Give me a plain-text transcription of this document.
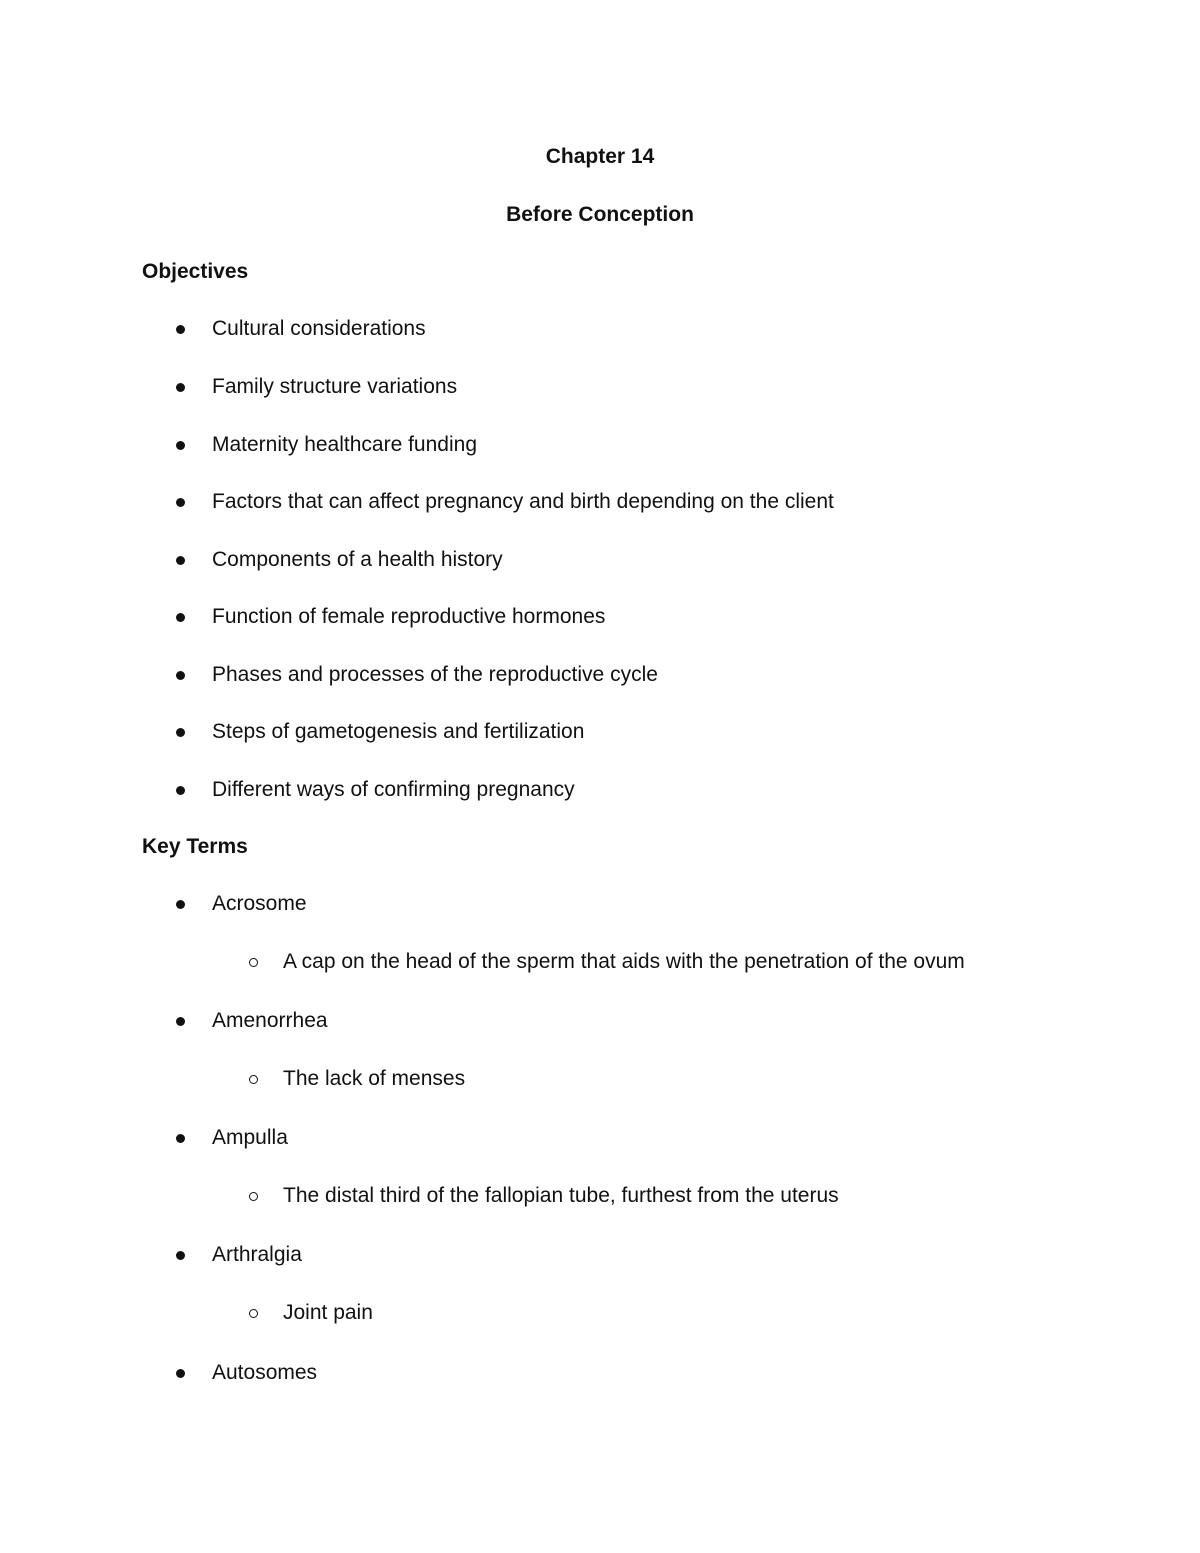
Chapter 14
Before Conception
Objectives
Cultural considerations
Family structure variations
Maternity healthcare funding
Factors that can affect pregnancy and birth depending on the client
Components of a health history
Function of female reproductive hormones
Phases and processes of the reproductive cycle
Steps of gametogenesis and fertilization
Different ways of confirming pregnancy
Key Terms
Acrosome
A cap on the head of the sperm that aids with the penetration of the ovum
Amenorrhea
The lack of menses
Ampulla
The distal third of the fallopian tube, furthest from the uterus
Arthralgia
Joint pain
Autosomes
